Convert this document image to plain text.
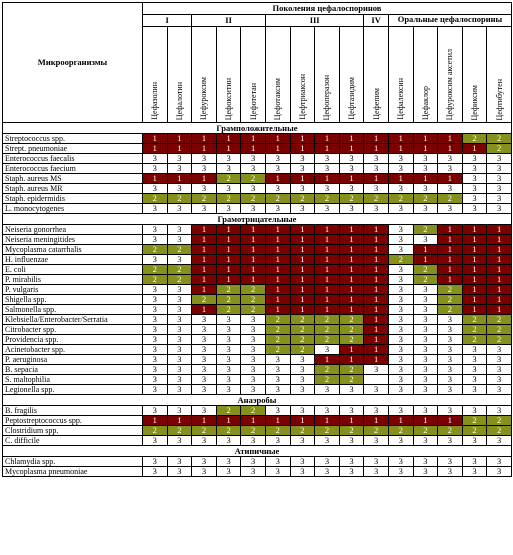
Микроорганизмы	Поколения цефалоспоринов														
	I		II			III				IV	Оральные цефалоспорины				
	Цефазолин	Цефалотин	Цефуроксим	Цефокситин	Цефотетан	Цефотаксим	Цефтриаксон	Цефоперазон	Цефтазидим	Цефепим	Цефалексин	Цефаклор	Цефуроксим аксетил	Цефиксим	Цефтибутен
Грамположительные															
Streptococcus spp.	1	1	1	1	1	1	1	1	1	1	1	1	1	2	2
Strept. pneumoniae	1	1	1	1	1	1	1	1	1	1	1	1	1	1	2
Enterococcus faecalis	3	3	3	3	3	3	3	3	3	3	3	3	3	3	3
Enterococcus faecium	3	3	3	3	3	3	3	3	3	3	3	3	3	3	3
Staph. aureus MS	1	1	1	2	2	1	1	1	1	1	1	1	1	3	3
Staph. aureus MR	3	3	3	3	3	3	3	3	3	3	3	3	3	3	3
Staph. epidermidis	2	2	2	2	2	2	2	2	2	2	2	2	2	3	3
L. monocytogenes	3	3	3	3	3	3	3	3	3	3	3	3	3	3	3
Грамотрицательные															
Neiseria gonorrhea	3	3	1	1	1	1	1	1	1	1	3	2	1	1	1
Neiseria meningitides	3	3	1	1	1	1	1	1	1	1	3	3	1	1	1
Mycoplasma catarrhalis	2	2	1	1	1	1	1	1	1	1	3	1	1	1	1
H. influenzae	3	3	1	1	1	1	1	1	1	1	2	1	1	1	1
E. coli	2	2	1	1	1	1	1	1	1	1	3	2	1	1	1
P. mirabilis	2	2	1	1	1	1	1	1	1	1	3	2	1	1	1
P. vulgaris	3	3	1	2	2	1	1	1	1	1	3	3	2	1	1
Shigella spp.	3	3	2	2	2	1	1	1	1	1	3	3	2	1	1
Salmonella spp.	3	3	1	2	2	1	1	1	1	1	3	3	2	1	1
Klebsiella/Enterobacter/Serratia	3	3	3	3	3	2	2	2	2	1	3	3	3	2	2
Citrobacter spp.	3	3	3	3	3	2	2	2	2	1	3	3	3	2	2
Providencia spp.	3	3	3	3	3	2	2	2	2	1	3	3	3	2	2
Acinetobacter spp.	3	3	3	3	3	2	2	3	1	1	3	3	3	3	3
P. aeruginosa	3	3	3	3	3	3	3	1	1	1	3	3	3	3	3
B. sepacia	3	3	3	3	3	3	3	2	2	3	3	3	3	3	3
S. maltophilia	3	3	3	3	3	3	3	2	2		3	3	3	3	3
Legionella spp.	3	3	3	3	3	3	3	3	3	3	3	3	3	3	3
Анаэробы															
B. fragilis	3	3	3	2	2	3	3	3	3	3	3	3	3	3	3
Peptostreptococcus spp.	1	1	1	1	1	1	1	1	1	1	1	1	1	2	2
Clostridium spp.	2	2	2	2	2	2	2	2	2	2	2	2	2	2	2
C. difficile	3	3	3	3	3	3	3	3	3	3	3	3	3	3	3
Атипичные															
Chlamydia spp.	3	3	3	3	3	3	3	3	3	3	3	3	3	3	3
Mycoplasma pneumoniae	3	3	3	3	3	3	3	3	3	3	3	3	3	3	3
